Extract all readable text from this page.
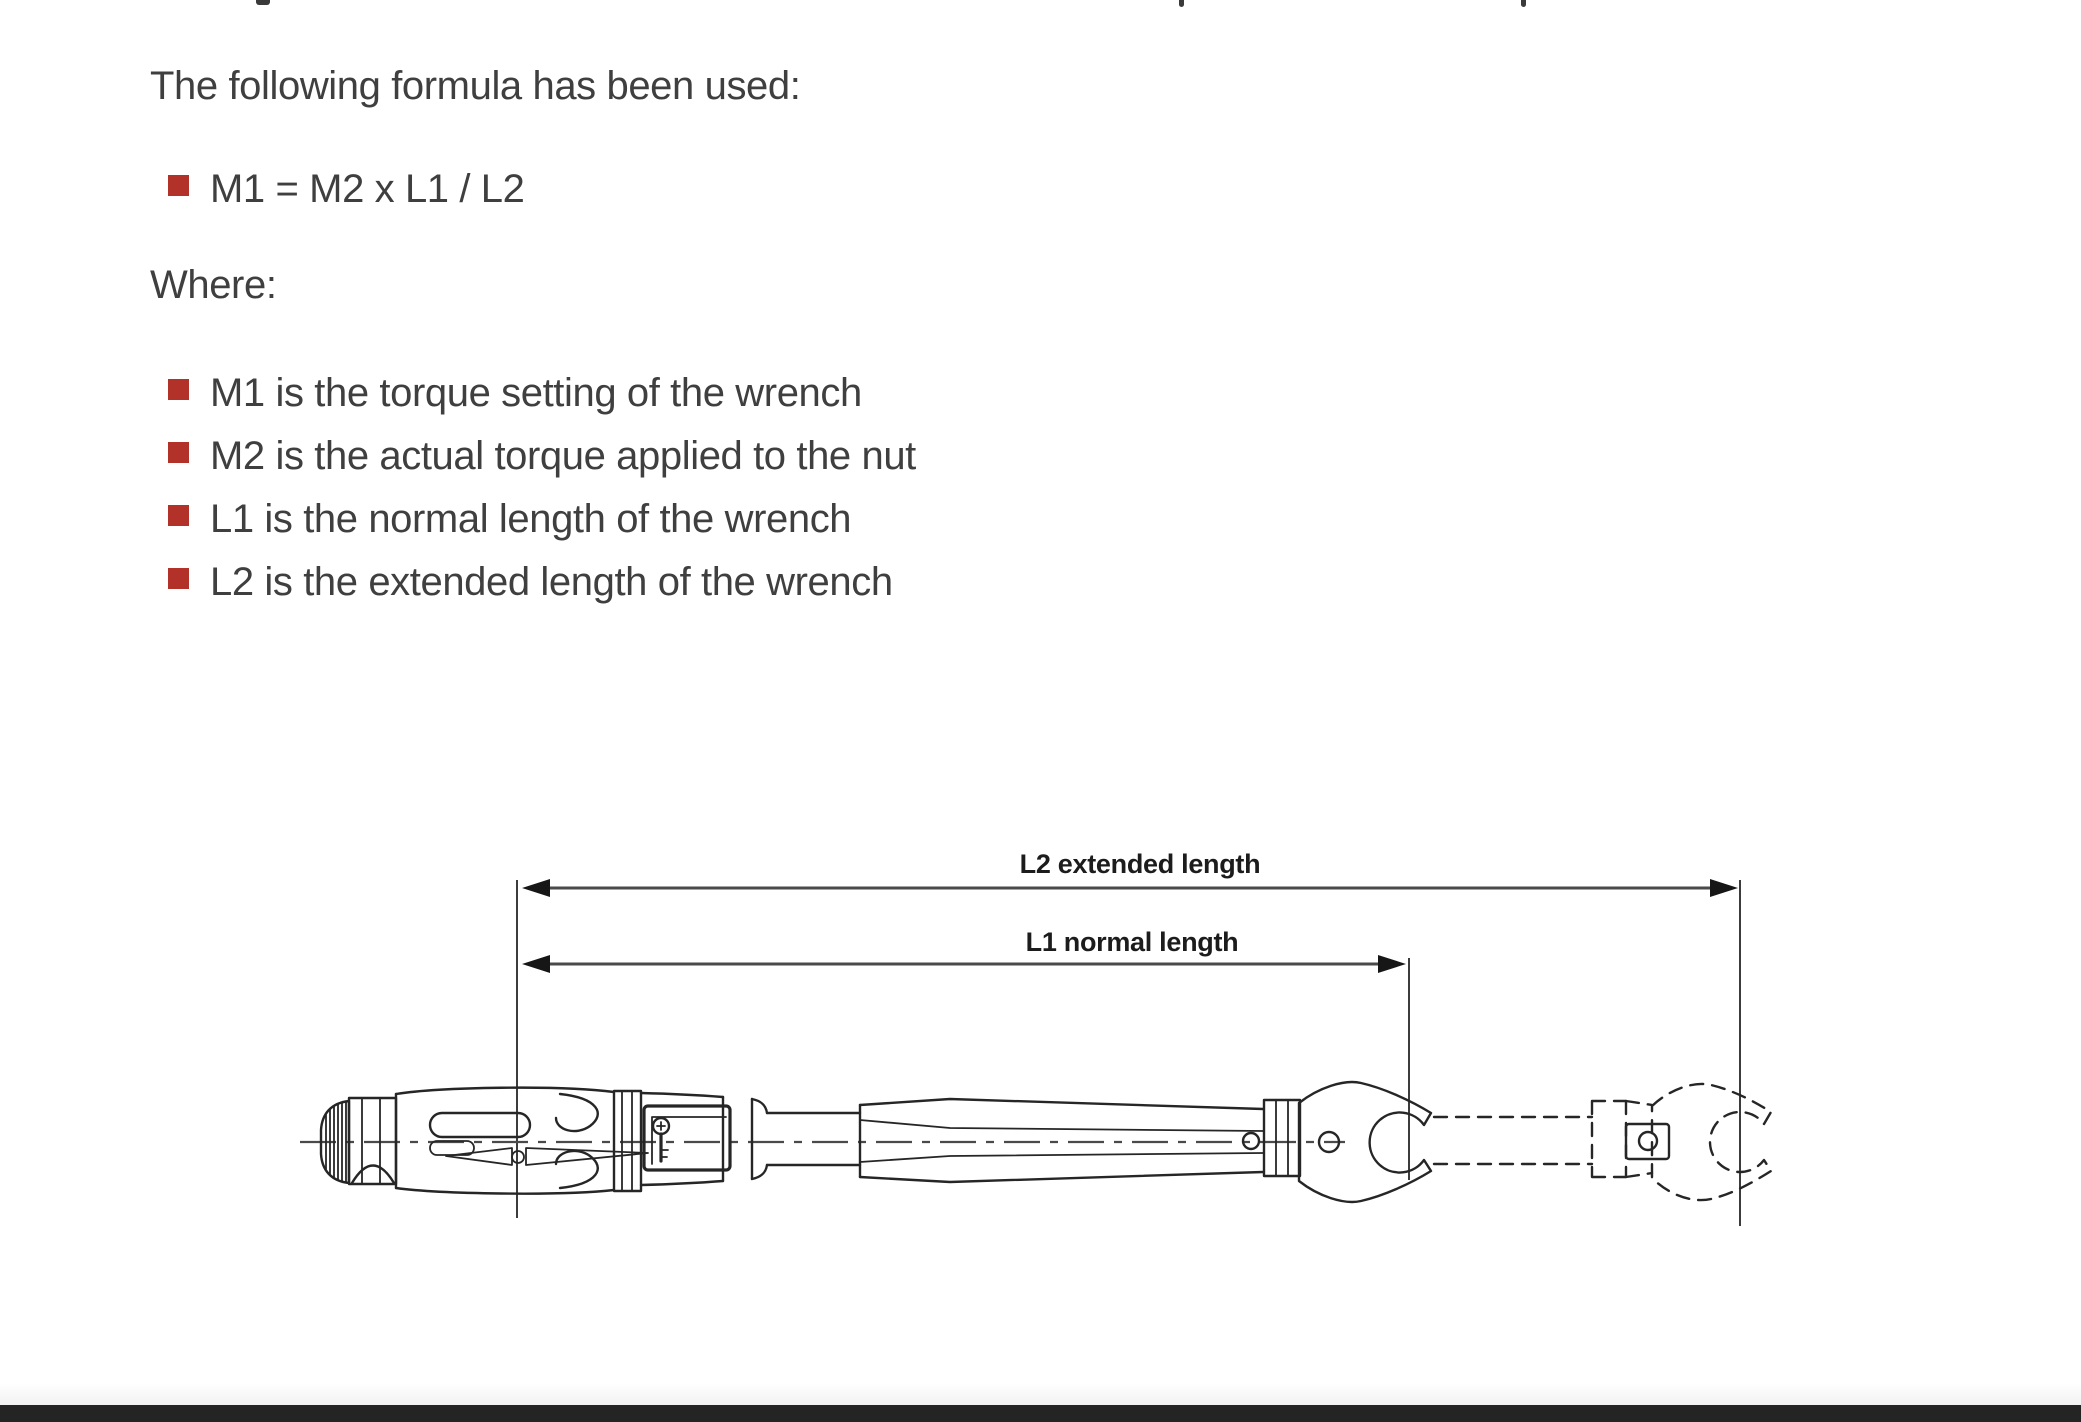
The following formula has been used:
M1 = M2 x L1 / L2
Where:
M1 is the torque setting of the wrench
M2 is the actual torque applied to the nut
L1 is the normal length of the wrench
L2 is the extended length of the wrench
L2 extended length
L1 normal length
